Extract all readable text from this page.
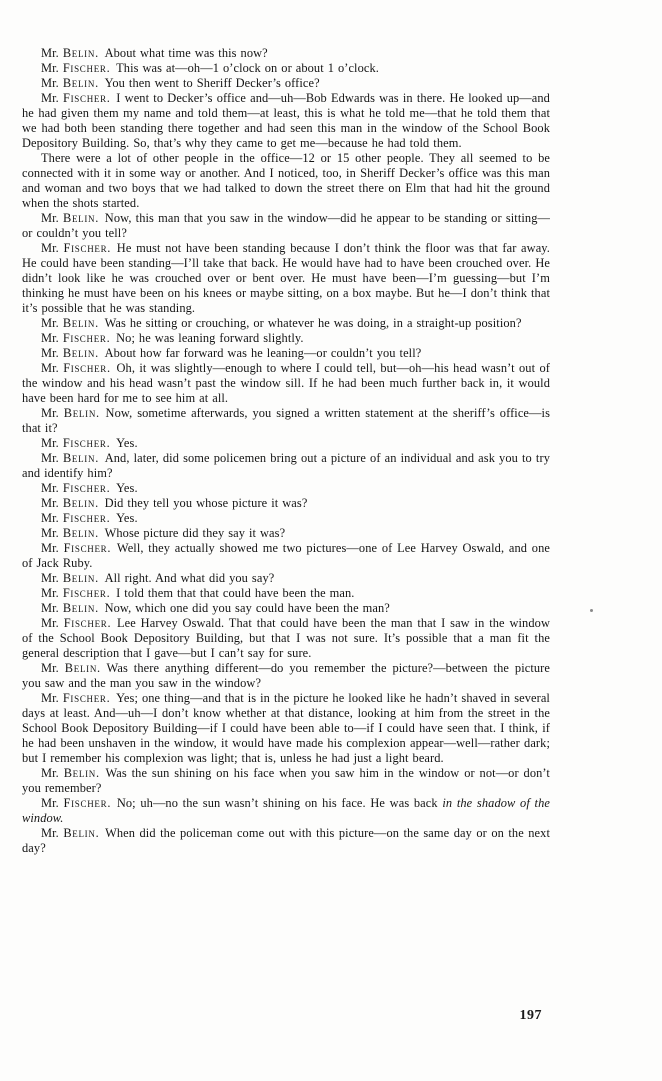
Mr. Belin.  About what time was this now?

Mr. Fischer.  This was at—oh—1 o’clock on or about 1 o’clock.

Mr. Belin.  You then went to Sheriff Decker’s office?

Mr. Fischer.  I went to Decker’s office and—uh—Bob Edwards was in there. He looked up—and he had given them my name and told them—at least, this is what he told me—that he told them that we had both been standing there together and had seen this man in the window of the School Book Depository Building. So, that’s why they came to get me—because he had told them.

There were a lot of other people in the office—12 or 15 other people. They all seemed to be connected with it in some way or another. And I noticed, too, in Sheriff Decker’s office was this man and woman and two boys that we had talked to down the street there on Elm that had hit the ground when the shots started.

Mr. Belin.  Now, this man that you saw in the window—did he appear to be standing or sitting—or couldn’t you tell?

Mr. Fischer.  He must not have been standing because I don’t think the floor was that far away. He could have been standing—I’ll take that back. He would have had to have been crouched over. He didn’t look like he was crouched over or bent over. He must have been—I’m guessing—but I’m thinking he must have been on his knees or maybe sitting, on a box maybe. But he—I don’t think that it’s possible that he was standing.

Mr. Belin.  Was he sitting or crouching, or whatever he was doing, in a straight-up position?

Mr. Fischer.  No; he was leaning forward slightly.

Mr. Belin.  About how far forward was he leaning—or couldn’t you tell?

Mr. Fischer.  Oh, it was slightly—enough to where I could tell, but—oh—his head wasn’t out of the window and his head wasn’t past the window sill. If he had been much further back in, it would have been hard for me to see him at all.

Mr. Belin.  Now, sometime afterwards, you signed a written statement at the sheriff’s office—is that it?

Mr. Fischer.  Yes.

Mr. Belin.  And, later, did some policemen bring out a picture of an individual and ask you to try and identify him?

Mr. Fischer.  Yes.

Mr. Belin.  Did they tell you whose picture it was?

Mr. Fischer.  Yes.

Mr. Belin.  Whose picture did they say it was?

Mr. Fischer.  Well, they actually showed me two pictures—one of Lee Harvey Oswald, and one of Jack Ruby.

Mr. Belin.  All right. And what did you say?

Mr. Fischer.  I told them that that could have been the man.

Mr. Belin.  Now, which one did you say could have been the man?

Mr. Fischer.  Lee Harvey Oswald. That that could have been the man that I saw in the window of the School Book Depository Building, but that I was not sure. It’s possible that a man fit the general description that I gave—but I can’t say for sure.

Mr. Belin.  Was there anything different—do you remember the picture?—between the picture you saw and the man you saw in the window?

Mr. Fischer.  Yes; one thing—and that is in the picture he looked like he hadn’t shaved in several days at least. And—uh—I don’t know whether at that distance, looking at him from the street in the School Book Depository Building—if I could have been able to—if I could have seen that. I think, if he had been unshaven in the window, it would have made his complexion appear—well—rather dark; but I remember his complexion was light; that is, unless he had just a light beard.

Mr. Belin.  Was the sun shining on his face when you saw him in the window or not—or don’t you remember?

Mr. Fischer.  No; uh—no the sun wasn’t shining on his face. He was back in the shadow of the window.

Mr. Belin.  When did the policeman come out with this picture—on the same day or on the next day?

197
